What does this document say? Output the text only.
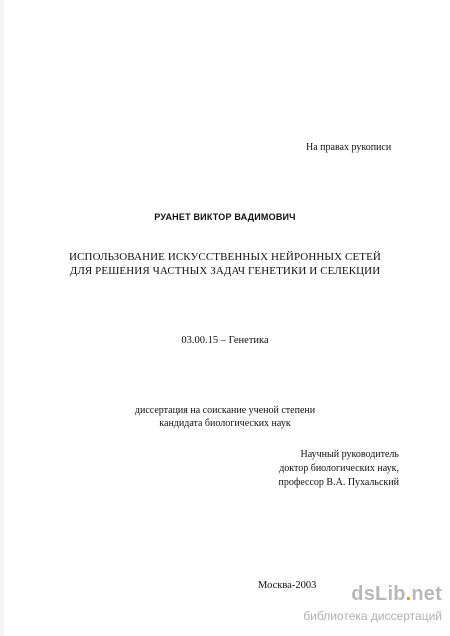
На правах рукописи
РУАНЕТ ВИКТОР ВАДИМОВИЧ
ИСПОЛЬЗОВАНИЕ ИСКУССТВЕННЫХ НЕЙРОННЫХ СЕТЕЙ
ДЛЯ РЕШЕНИЯ ЧАСТНЫХ ЗАДАЧ ГЕНЕТИКИ И СЕЛЕКЦИИ
03.00.15 – Генетика
диссертация на соискание ученой степени
кандидата биологических наук
Научный руководитель
доктор биологических наук,
профессор В.А. Пухальский
Москва-2003 dsLib.net
библиотека диссертаций
